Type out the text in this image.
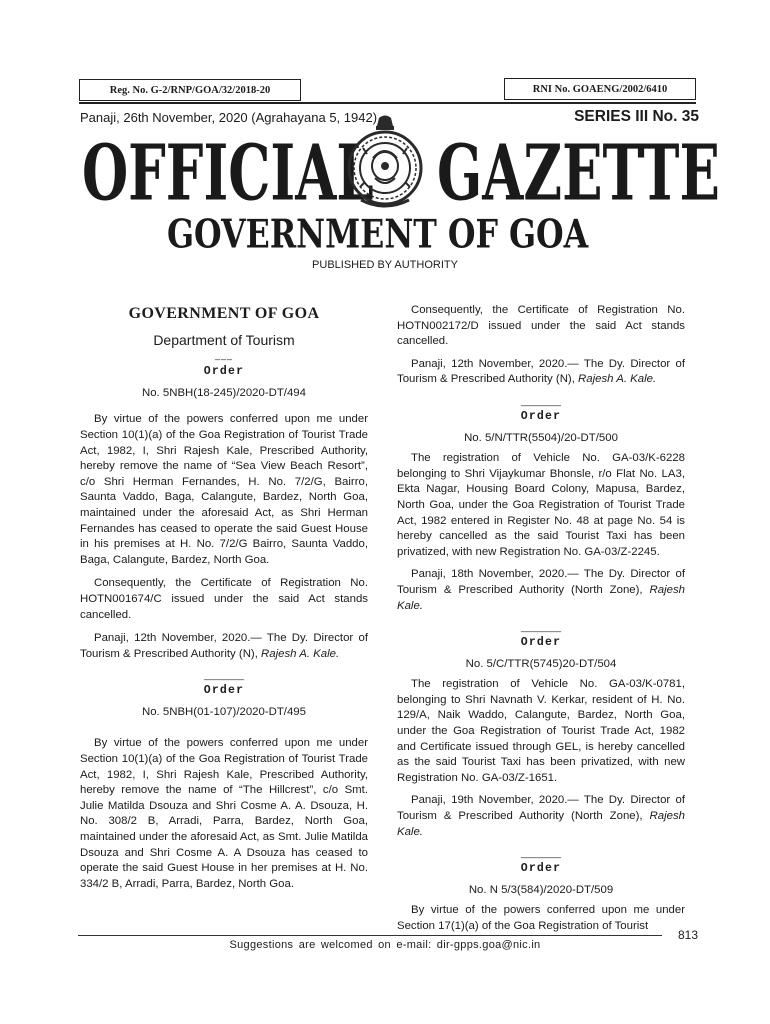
Reg. No. G-2/RNP/GOA/32/2018-20	RNI No. GOAENG/2002/6410
Panaji, 26th November, 2020 (Agrahayana 5, 1942)	SERIES III No. 35
OFFICIAL GAZETTE
GOVERNMENT OF GOA
PUBLISHED BY AUTHORITY
GOVERNMENT OF GOA
Department of Tourism
___
Order
No. 5NBH(18-245)/2020-DT/494

By virtue of the powers conferred upon me under Section 10(1)(a) of the Goa Registration of Tourist Trade Act, 1982, I, Shri Rajesh Kale, Prescribed Authority, hereby remove the name of “Sea View Beach Resort”, c/o Shri Herman Fernandes, H. No. 7/2/G, Bairro, Saunta Vaddo, Baga, Calangute, Bardez, North Goa, maintained under the aforesaid Act, as Shri Herman Fernandes has ceased to operate the said Guest House in his premises at H. No. 7/2/G Bairro, Saunta Vaddo, Baga, Calangute, Bardez, North Goa.

Consequently, the Certificate of Registration No. HOTN001674/C issued under the said Act stands cancelled.

Panaji, 12th November, 2020.— The Dy. Director of Tourism & Prescribed Authority (N), Rajesh A. Kale.

________
Order
No. 5NBH(01-107)/2020-DT/495

By virtue of the powers conferred upon me under Section 10(1)(a) of the Goa Registration of Tourist Trade Act, 1982, I, Shri Rajesh Kale, Prescribed Authority, hereby remove the name of “The Hillcrest”, c/o Smt. Julie Matilda Dsouza and Shri Cosme A. A. Dsouza, H. No. 308/2 B, Arradi, Parra, Bardez, North Goa, maintained under the aforesaid Act, as Smt. Julie Matilda Dsouza and Shri Cosme A. A Dsouza has ceased to operate the said Guest House in her premises at H. No. 334/2 B, Arradi, Parra, Bardez, North Goa.

Consequently, the Certificate of Registration No. HOTN002172/D issued under the said Act stands cancelled.

Panaji, 12th November, 2020.— The Dy. Director of Tourism & Prescribed Authority (N), Rajesh A. Kale.

________
Order
No. 5/N/TTR(5504)/20-DT/500

The registration of Vehicle No. GA-03/K-6228 belonging to Shri Vijaykumar Bhonsle, r/o Flat No. LA3, Ekta Nagar, Housing Board Colony, Mapusa, Bardez, North Goa, under the Goa Registration of Tourist Trade Act, 1982 entered in Register No. 48 at page No. 54 is hereby cancelled as the said Tourist Taxi has been privatized, with new Registration No. GA-03/Z-2245.

Panaji, 18th November, 2020.— The Dy. Director of Tourism & Prescribed Authority (North Zone), Rajesh Kale.

________
Order
No. 5/C/TTR(5745)20-DT/504

The registration of Vehicle No. GA-03/K-0781, belonging to Shri Navnath V. Kerkar, resident of H. No. 129/A, Naik Waddo, Calangute, Bardez, North Goa, under the Goa Registration of Tourist Trade Act, 1982 and Certificate issued through GEL, is hereby cancelled as the said Tourist Taxi has been privatized, with new Registration No. GA-03/Z-1651.

Panaji, 19th November, 2020.— The Dy. Director of Tourism & Prescribed Authority (North Zone), Rajesh Kale.

________
Order
No. N 5/3(584)/2020-DT/509

By virtue of the powers conferred upon me under Section 17(1)(a) of the Goa Registration of Tourist

813
Suggestions are welcomed on e-mail: dir-gpps.goa@nic.in
